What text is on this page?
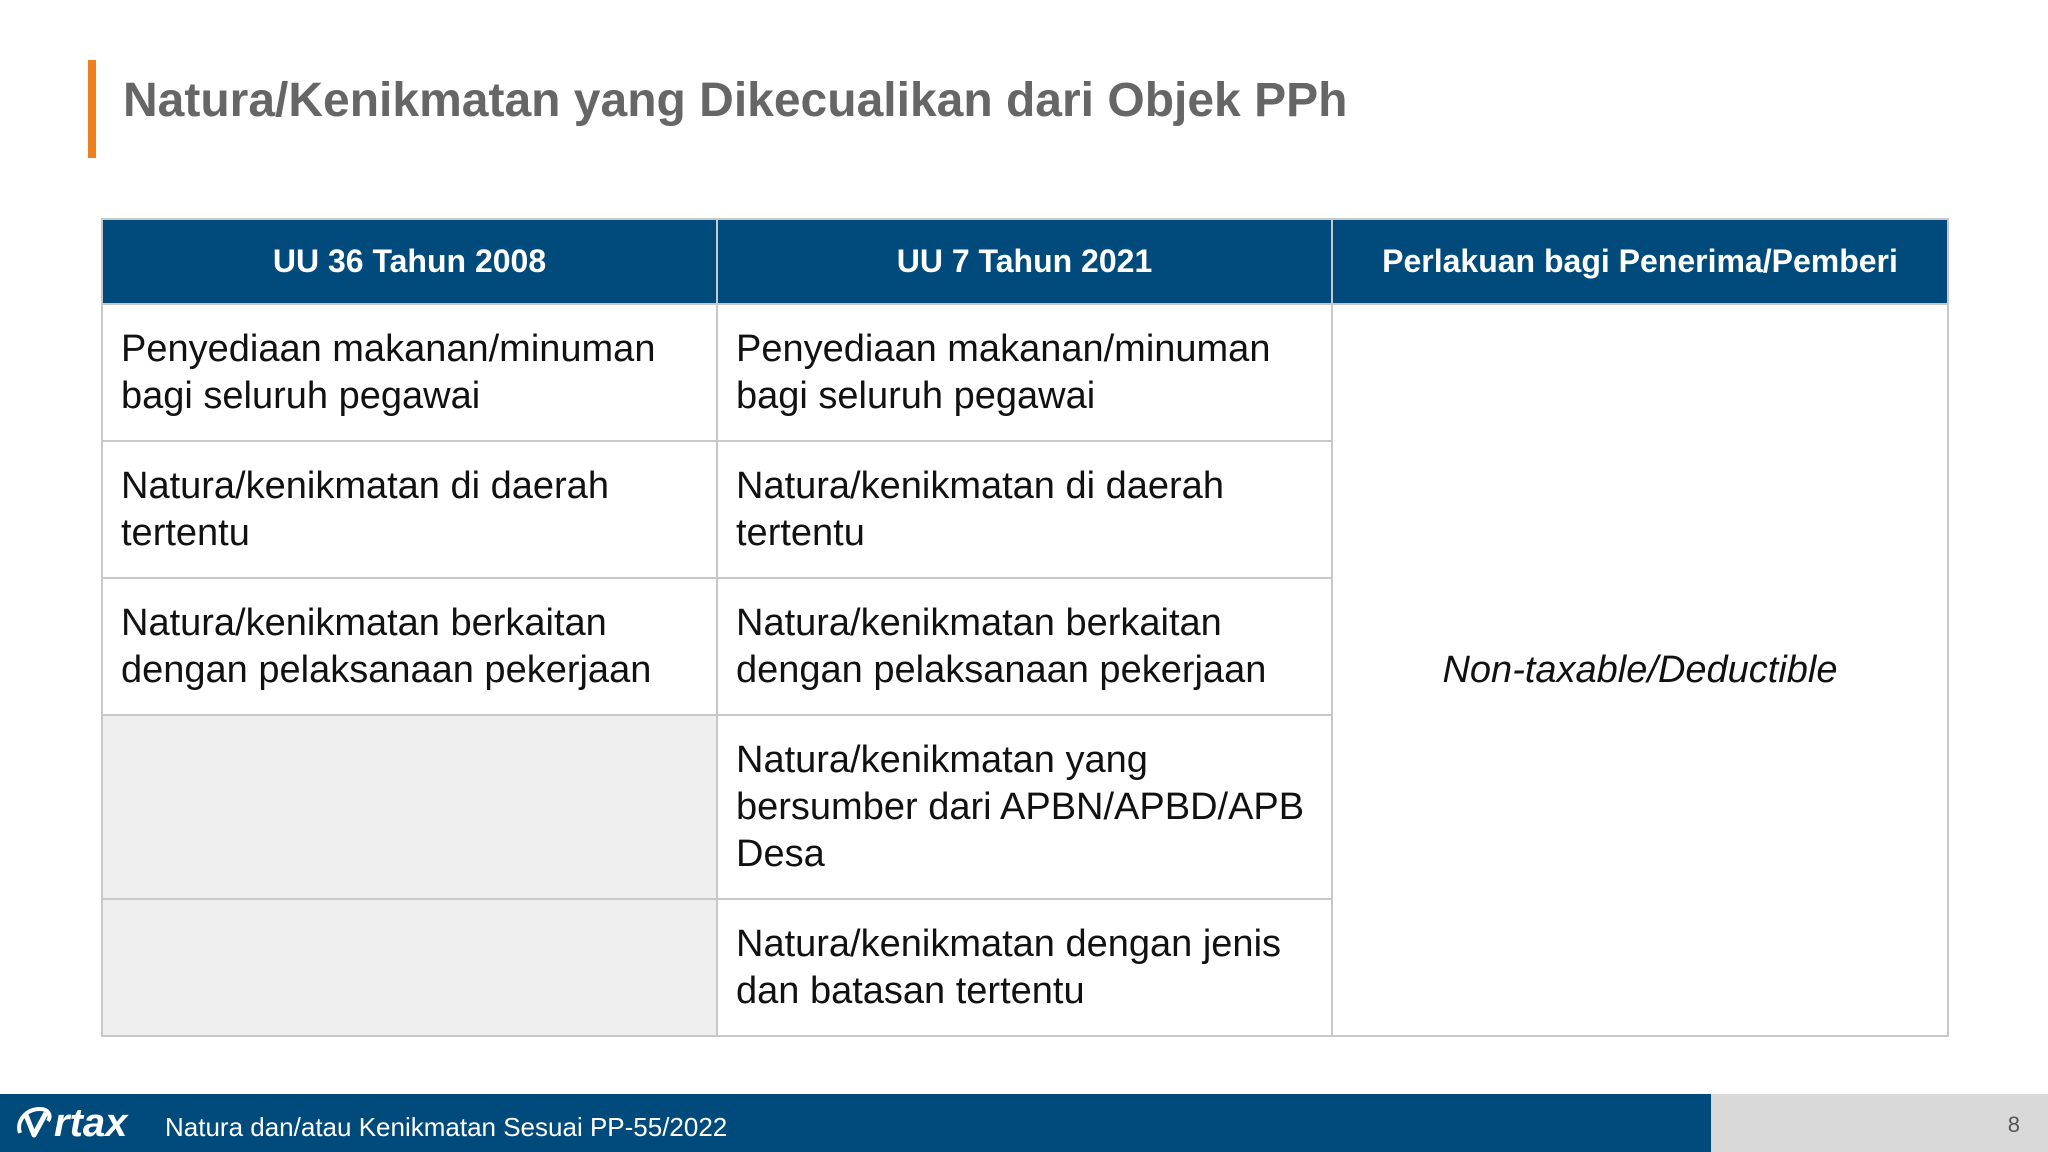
Natura/Kenikmatan yang Dikecualikan dari Objek PPh
UU 36 Tahun 2008	UU 7 Tahun 2021	Perlakuan bagi Penerima/Pemberi
Penyediaan makanan/minuman bagi seluruh pegawai	Penyediaan makanan/minuman bagi seluruh pegawai	Non-taxable/Deductible
Natura/kenikmatan di daerah tertentu	Natura/kenikmatan di daerah tertentu	
Natura/kenikmatan berkaitan dengan pelaksanaan pekerjaan	Natura/kenikmatan berkaitan dengan pelaksanaan pekerjaan	
	Natura/kenikmatan yang bersumber dari APBN/APBD/APB Desa	
	Natura/kenikmatan dengan jenis dan batasan tertentu	
rtax Natura dan/atau Kenikmatan Sesuai PP-55/2022	8
